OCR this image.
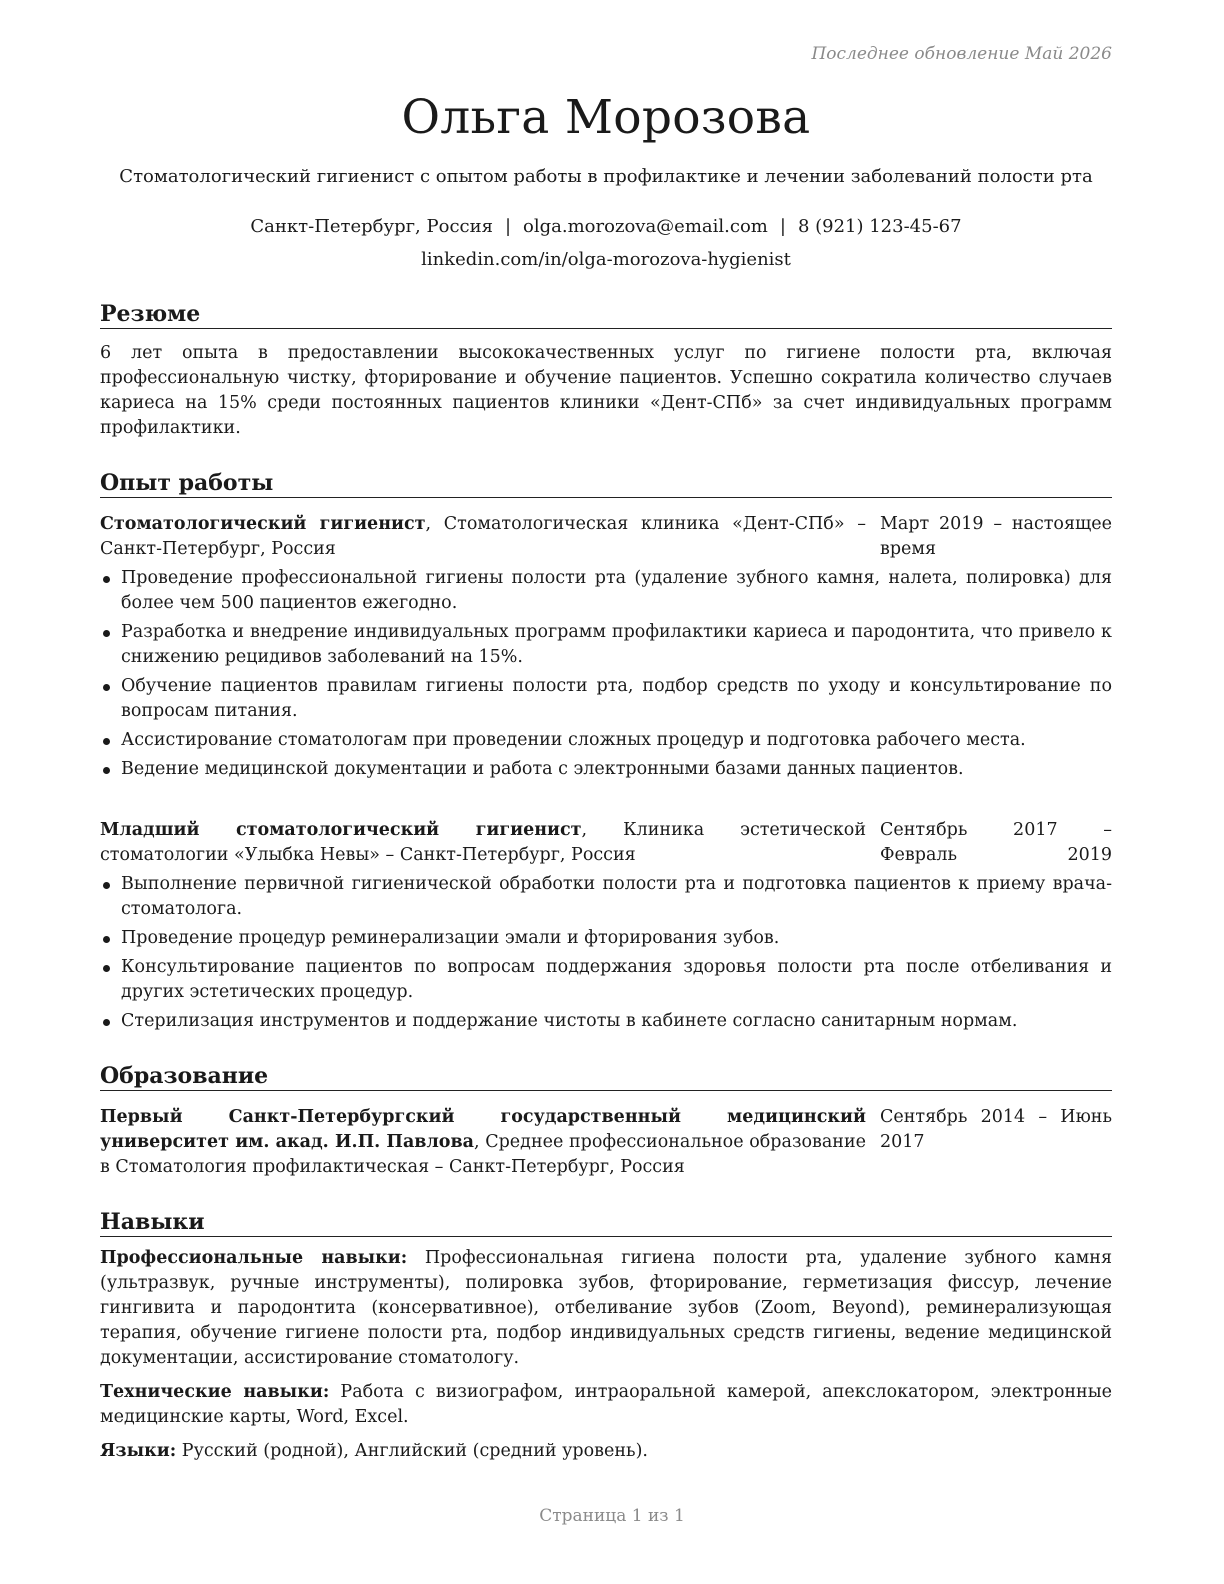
Последнее обновление Май 2026
Ольга Морозова
Стоматологический гигиенист с опытом работы в профилактике и лечении заболеваний полости рта
Санкт-Петербург, Россия | olga.morozova@email.com | 8 (921) 123-45-67
linkedin.com/in/olga-morozova-hygienist
Резюме
6 лет опыта в предоставлении высококачественных услуг по гигиене полости рта, включая профессиональную чистку, фторирование и обучение пациентов. Успешно сократила количество случаев кариеса на 15% среди постоянных пациентов клиники «Дент-СПб» за счет индивидуальных программ профилактики.
Опыт работы
Стоматологический гигиенист, Стоматологическая клиника «Дент-СПб» – Санкт-Петербург, Россия
Март 2019 – настоящее время
Проведение профессиональной гигиены полости рта (удаление зубного камня, налета, полировка) для более чем 500 пациентов ежегодно.
Разработка и внедрение индивидуальных программ профилактики кариеса и пародонтита, что привело к снижению рецидивов заболеваний на 15%.
Обучение пациентов правилам гигиены полости рта, подбор средств по уходу и консультирование по вопросам питания.
Ассистирование стоматологам при проведении сложных процедур и подготовка рабочего места.
Ведение медицинской документации и работа с электронными базами данных пациентов.
Младший стоматологический гигиенист, Клиника эстетической стоматологии «Улыбка Невы» – Санкт-Петербург, Россия
Сентябрь 2017 – Февраль 2019
Выполнение первичной гигиенической обработки полости рта и подготовка пациентов к приему врача-стоматолога.
Проведение процедур реминерализации эмали и фторирования зубов.
Консультирование пациентов по вопросам поддержания здоровья полости рта после отбеливания и других эстетических процедур.
Стерилизация инструментов и поддержание чистоты в кабинете согласно санитарным нормам.
Образование
Первый Санкт-Петербургский государственный медицинский университет им. акад. И.П. Павлова, Среднее профессиональное образование в Стоматология профилактическая – Санкт-Петербург, Россия
Сентябрь 2014 – Июнь 2017
Навыки
Профессиональные навыки: Профессиональная гигиена полости рта, удаление зубного камня (ультразвук, ручные инструменты), полировка зубов, фторирование, герметизация фиссур, лечение гингивита и пародонтита (консервативное), отбеливание зубов (Zoom, Beyond), реминерализующая терапия, обучение гигиене полости рта, подбор индивидуальных средств гигиены, ведение медицинской документации, ассистирование стоматологу.
Технические навыки: Работа с визиографом, интраоральной камерой, апекслокатором, электронные медицинские карты, Word, Excel.
Языки: Русский (родной), Английский (средний уровень).
Страница 1 из 1
